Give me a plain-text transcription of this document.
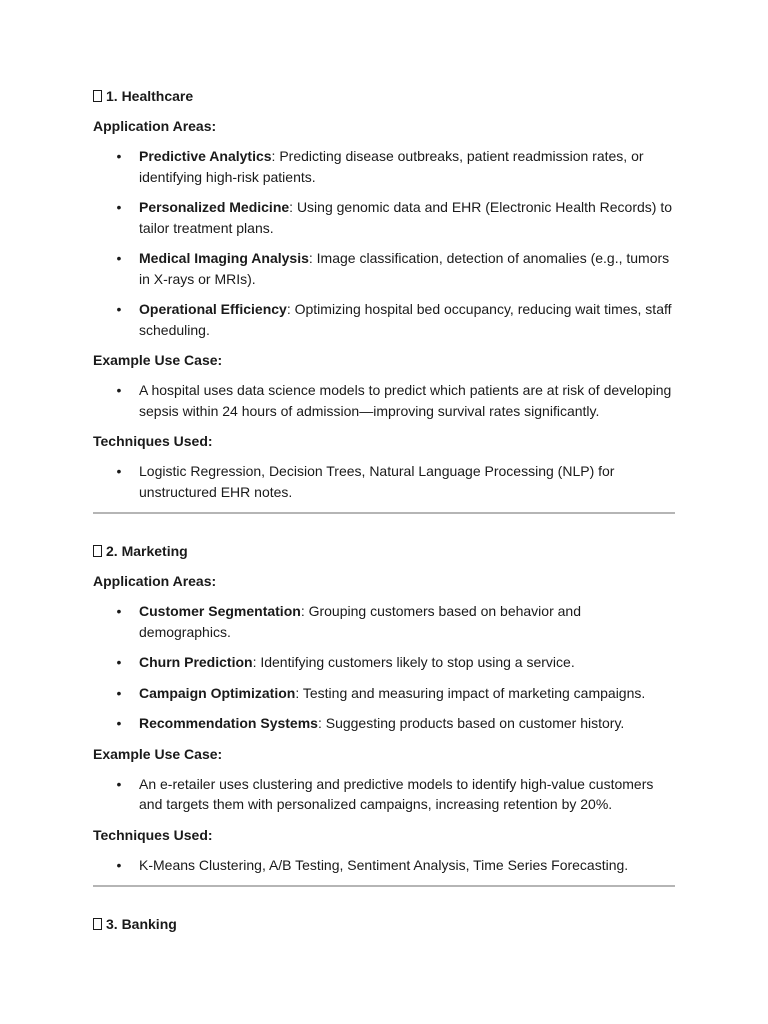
1. Healthcare
Application Areas:
• Predictive Analytics: Predicting disease outbreaks, patient readmission rates, or identifying high-risk patients.
• Personalized Medicine: Using genomic data and EHR (Electronic Health Records) to tailor treatment plans.
• Medical Imaging Analysis: Image classification, detection of anomalies (e.g., tumors in X-rays or MRIs).
• Operational Efficiency: Optimizing hospital bed occupancy, reducing wait times, staff scheduling.
Example Use Case:
• A hospital uses data science models to predict which patients are at risk of developing sepsis within 24 hours of admission—improving survival rates significantly.
Techniques Used:
• Logistic Regression, Decision Trees, Natural Language Processing (NLP) for unstructured EHR notes.
2. Marketing
Application Areas:
• Customer Segmentation: Grouping customers based on behavior and demographics.
• Churn Prediction: Identifying customers likely to stop using a service.
• Campaign Optimization: Testing and measuring impact of marketing campaigns.
• Recommendation Systems: Suggesting products based on customer history.
Example Use Case:
• An e-retailer uses clustering and predictive models to identify high-value customers and targets them with personalized campaigns, increasing retention by 20%.
Techniques Used:
• K-Means Clustering, A/B Testing, Sentiment Analysis, Time Series Forecasting.
3. Banking
